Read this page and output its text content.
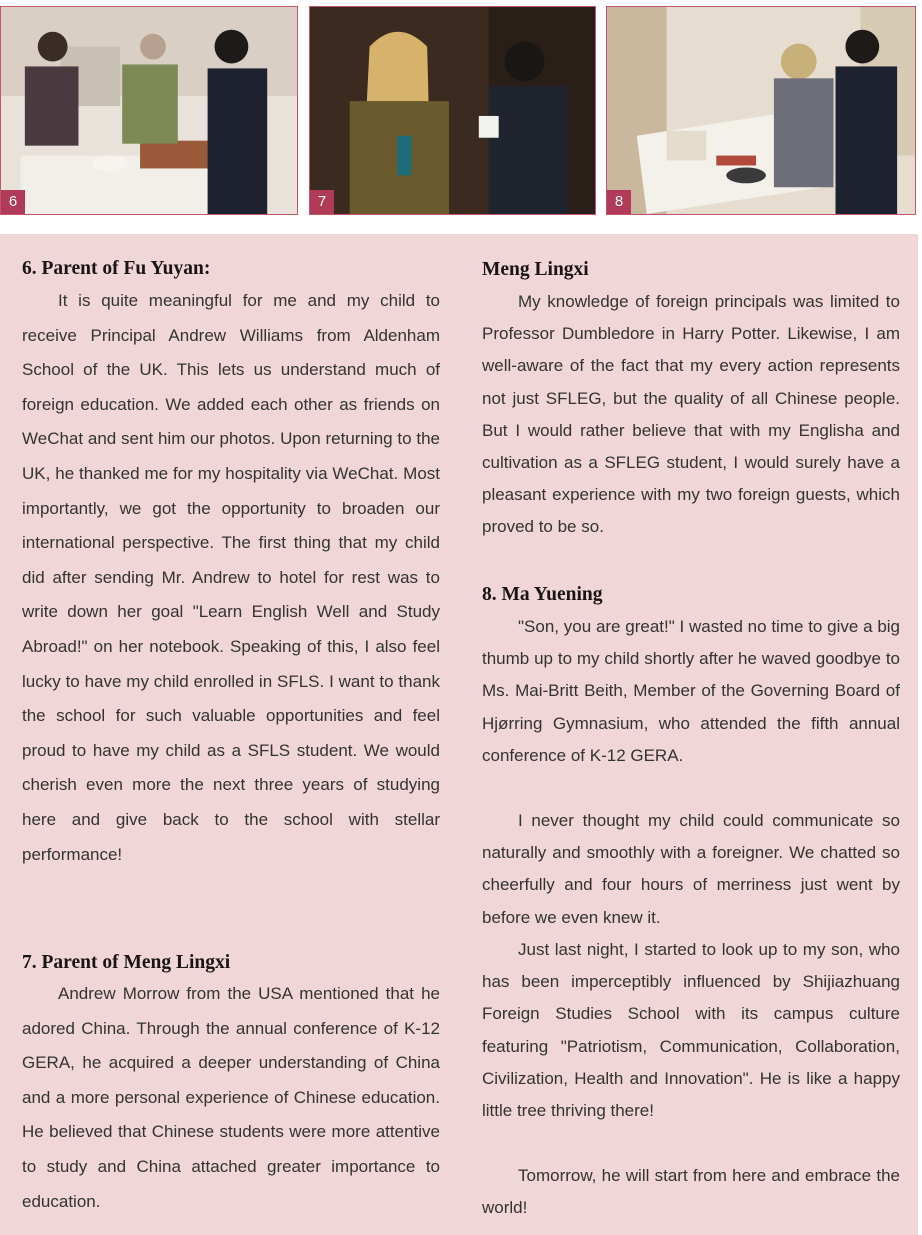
6	7	8
6. Parent of Fu Yuyan:

It is quite meaningful for me and my child to receive Principal Andrew Williams from Aldenham School of the UK. This lets us understand much of foreign education. We added each other as friends on WeChat and sent him our photos. Upon returning to the UK, he thanked me for my hospitality via WeChat. Most importantly, we got the opportunity to broaden our international perspective. The first thing that my child did after sending Mr. Andrew to hotel for rest was to write down her goal "Learn English Well and Study Abroad!" on her notebook. Speaking of this, I also feel lucky to have my child enrolled in SFLS. I want to thank the school for such valuable opportunities and feel proud to have my child as a SFLS student. We would cherish even more the next three years of studying here and give back to the school with stellar performance!

7. Parent of Meng Lingxi

Andrew Morrow from the USA mentioned that he adored China. Through the annual conference of K-12 GERA, he acquired a deeper understanding of China and a more personal experience of Chinese education. He believed that Chinese students were more attentive to study and China attached greater importance to education.

Meng Lingxi

My knowledge of foreign principals was limited to Professor Dumbledore in Harry Potter. Likewise, I am well-aware of the fact that my every action represents not just SFLEG, but the quality of all Chinese people. But I would rather believe that with my Englisha and cultivation as a SFLEG student, I would surely have a pleasant experience with my two foreign guests, which proved to be so.

8. Ma Yuening

"Son, you are great!" I wasted no time to give a big thumb up to my child shortly after he waved goodbye to Ms. Mai-Britt Beith, Member of the Governing Board of Hjørring Gymnasium, who attended the fifth annual conference of K-12 GERA.

I never thought my child could communicate so naturally and smoothly with a foreigner. We chatted so cheerfully and four hours of merriness just went by before we even knew it.

Just last night, I started to look up to my son, who has been imperceptibly influenced by Shijiazhuang Foreign Studies School with its campus culture featuring "Patriotism, Communication, Collaboration, Civilization, Health and Innovation". He is like a happy little tree thriving there!

Tomorrow, he will start from here and embrace the world!
